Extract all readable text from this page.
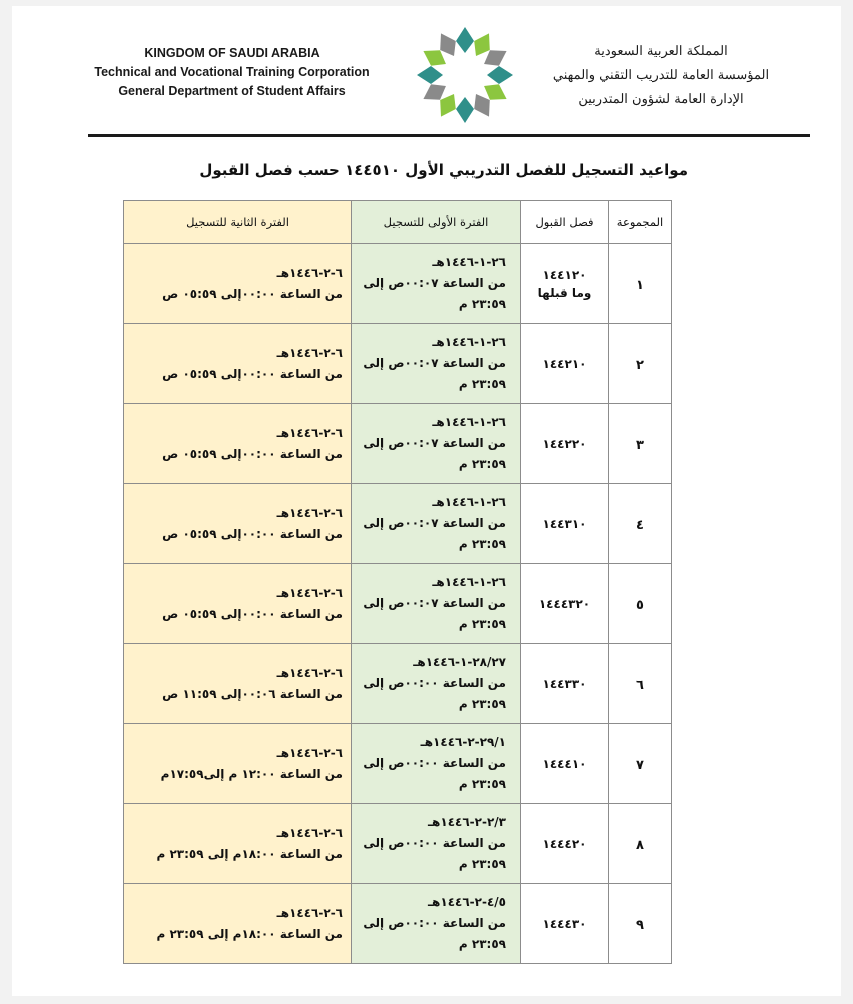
KINGDOM OF SAUDI ARABIA
Technical and Vocational Training Corporation
General Department of Student Affairs
المملكة العربية السعودية
المؤسسة العامة للتدريب التقني والمهني
الإدارة العامة لشؤون المتدربين
مواعيد التسجيل للفصل التدريبي الأول ١٤٤٥١٠ حسب فصل القبول
المجموعة	فصل القبول	الفترة الأولى للتسجيل	الفترة الثانية للتسجيل
١	١٤٤١٢٠
وما قبلها	٢٦-١-١٤٤٦هـ
من الساعة ٠٠:٠٧ص إلى
٢٣:٥٩ م	٦-٢-١٤٤٦هـ
من الساعة ٠٠:٠٠إلى ٠٥:٥٩ ص

٢	١٤٤٢١٠	٢٦-١-١٤٤٦هـ
من الساعة ٠٠:٠٧ص إلى
٢٣:٥٩ م	٦-٢-١٤٤٦هـ
من الساعة ٠٠:٠٠إلى ٠٥:٥٩ ص

٣	١٤٤٢٢٠	٢٦-١-١٤٤٦هـ
من الساعة ٠٠:٠٧ص إلى
٢٣:٥٩ م	٦-٢-١٤٤٦هـ
من الساعة ٠٠:٠٠إلى ٠٥:٥٩ ص

٤	١٤٤٣١٠	٢٦-١-١٤٤٦هـ
من الساعة ٠٠:٠٧ص إلى
٢٣:٥٩ م	٦-٢-١٤٤٦هـ
من الساعة ٠٠:٠٠إلى ٠٥:٥٩ ص

٥	١٤٤٤٣٢٠	٢٦-١-١٤٤٦هـ
من الساعة ٠٠:٠٧ص إلى
٢٣:٥٩ م	٦-٢-١٤٤٦هـ
من الساعة ٠٠:٠٠إلى ٠٥:٥٩ ص

٦	١٤٤٣٣٠	٢٨/٢٧-١-١٤٤٦هـ
من الساعة ٠٠:٠٠ص إلى
٢٣:٥٩ م	٦-٢-١٤٤٦هـ
من الساعة ٠٠:٠٦إلى ١١:٥٩ ص

٧	١٤٤٤١٠	٢٩/١-٢-١٤٤٦هـ
من الساعة ٠٠:٠٠ص إلى
٢٣:٥٩ م	٦-٢-١٤٤٦هـ
من الساعة ١٢:٠٠ م إلى١٧:٥٩م

٨	١٤٤٤٢٠	٢/٣-٢-١٤٤٦هـ
من الساعة ٠٠:٠٠ص إلى
٢٣:٥٩ م	٦-٢-١٤٤٦هـ
من الساعة ١٨:٠٠م إلى ٢٣:٥٩ م

٩	١٤٤٤٣٠	٤/٥-٢-١٤٤٦هـ
من الساعة ٠٠:٠٠ص إلى
٢٣:٥٩ م	٦-٢-١٤٤٦هـ
من الساعة ١٨:٠٠م إلى ٢٣:٥٩ م
